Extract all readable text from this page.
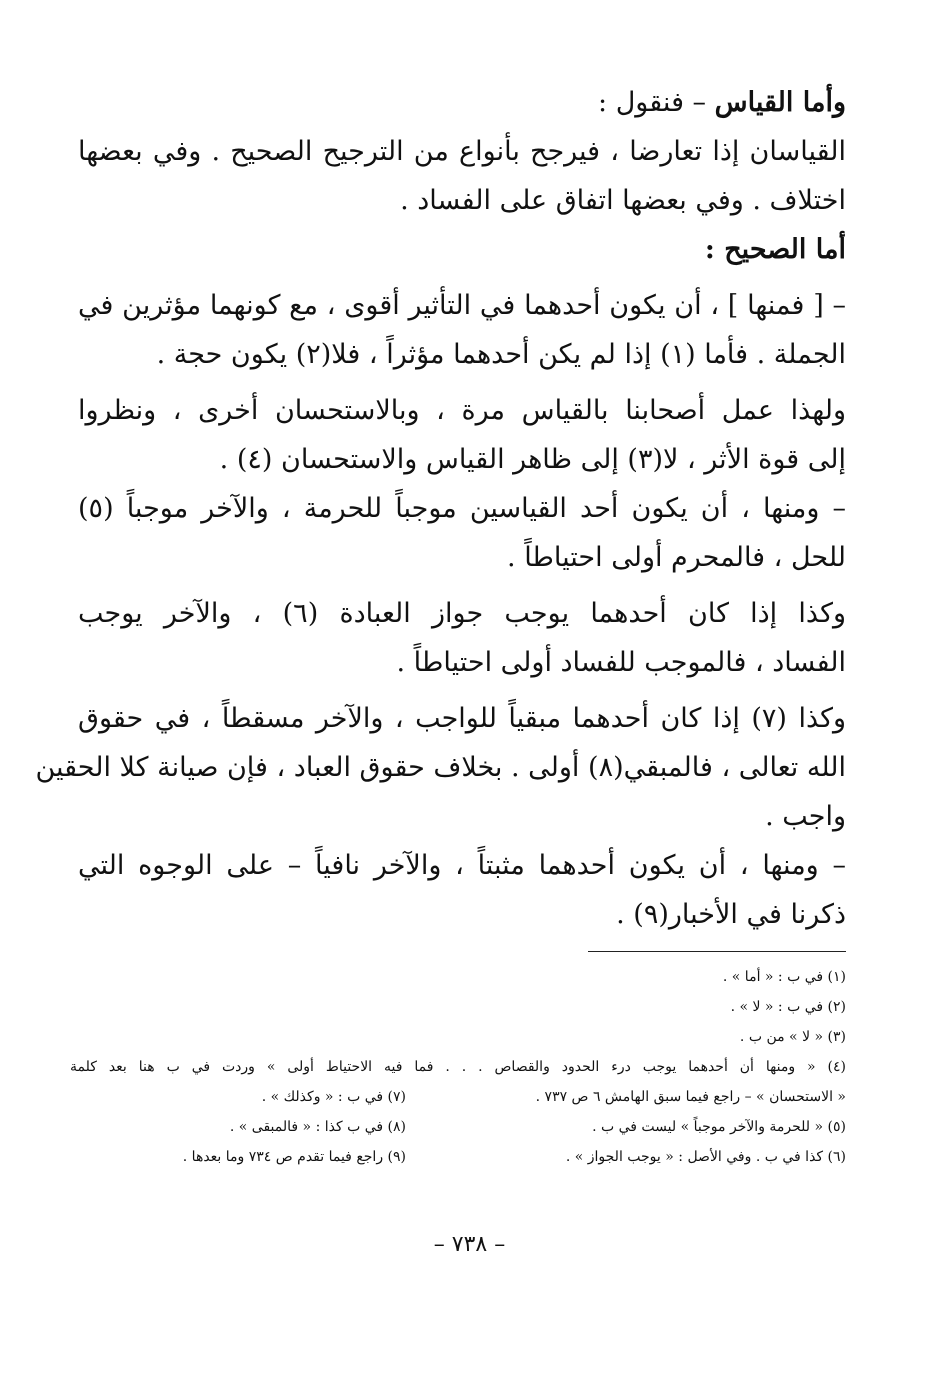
وأما القياس – فنقول :
القياسان إذا تعارضا ، فيرجح بأنواع من الترجيح الصحيح . وفي بعضها
اختلاف . وفي بعضها اتفاق على الفساد .
أما الصحيح :
– [ فمنها ] ، أن يكون أحدهما في التأثير أقوى ، مع كونهما مؤثرين في
الجملة . فأما (١) إذا لم يكن أحدهما مؤثراً ، فلا(٢) يكون حجة .
ولهذا عمل أصحابنا بالقياس مرة ، وبالاستحسان أخرى ، ونظروا
إلى قوة الأثر ، لا(٣) إلى ظاهر القياس والاستحسان (٤) .
– ومنها ، أن يكون أحد القياسين موجباً للحرمة ، والآخر موجباً (٥)
للحل ، فالمحرم أولى احتياطاً .
وكذا إذا كان أحدهما يوجب جواز العبادة (٦) ، والآخر يوجب
الفساد ، فالموجب للفساد أولى احتياطاً .
وكذا (٧) إذا كان أحدهما مبقياً للواجب ، والآخر مسقطاً ، في حقوق
الله تعالى ، فالمبقي(٨) أولى . بخلاف حقوق العباد ، فإن صيانة كلا الحقين
واجب .
– ومنها ، أن يكون أحدهما مثبتاً ، والآخر نافياً – على الوجوه التي
ذكرنا في الأخبار(٩) .
(١) في ب : « أما » .
(٢) في ب : « لا » .
(٣) « لا » من ب .
(٤) « ومنها أن أحدهما يوجب درء الحدود والقصاص . . . فما فيه الاحتياط أولى » وردت في ب هنا بعد كلمة
« الاستحسان » – راجع فيما سبق الهامش ٦ ص ٧٣٧ .
(٧) في ب : « وكذلك » .
(٥) « للحرمة والآخر موجباً » ليست في ب .
(٨) في ب كذا : « فالمبقى » .
(٦) كذا في ب . وفي الأصل : « يوجب الجواز » .
(٩) راجع فيما تقدم ص ٧٣٤ وما بعدها .
– ٧٣٨ –
